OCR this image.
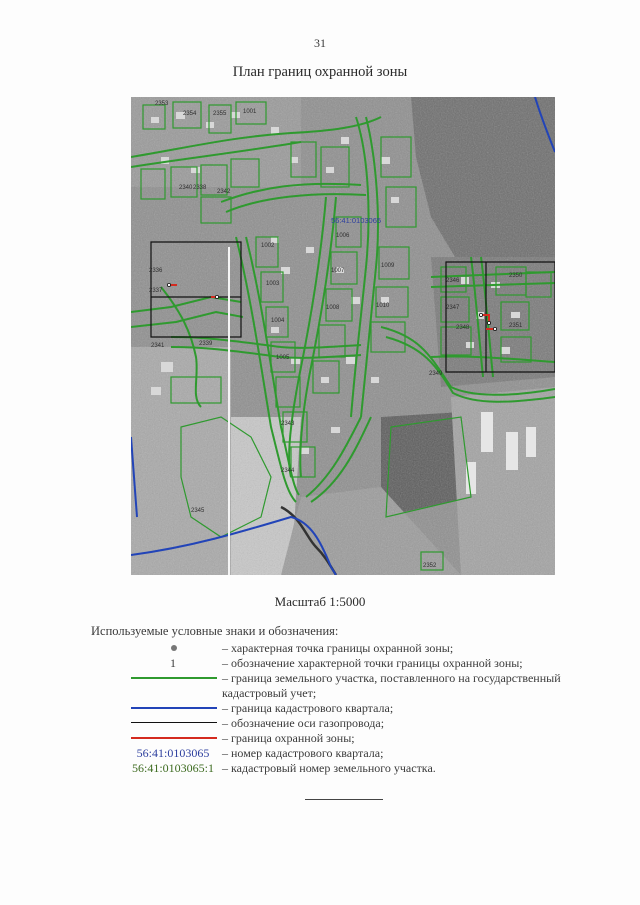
31
План границ охранной зоны
56:41:0103065
2340 2338
2342
2336
2337
2339
2341
2343
2344
2345
2346
2347
2348
2349
2350
2351
2352
2353
2354	2355	1001
1002
1003
1004
1005
1006
1007
1008
1009
1010
Масштаб 1:5000
Используемые условные знаки и обозначения:
– характерная точка границы охранной зоны;
1	– обозначение характерной точки границы охранной зоны;
– граница земельного участка, поставленного на государственный
кадастровый учет;
– граница кадастрового квартала;
– обозначение оси газопровода;
– граница охранной зоны;
56:41:0103065	– номер кадастрового квартала;
56:41:0103065:1 – кадастровый номер земельного участка.
